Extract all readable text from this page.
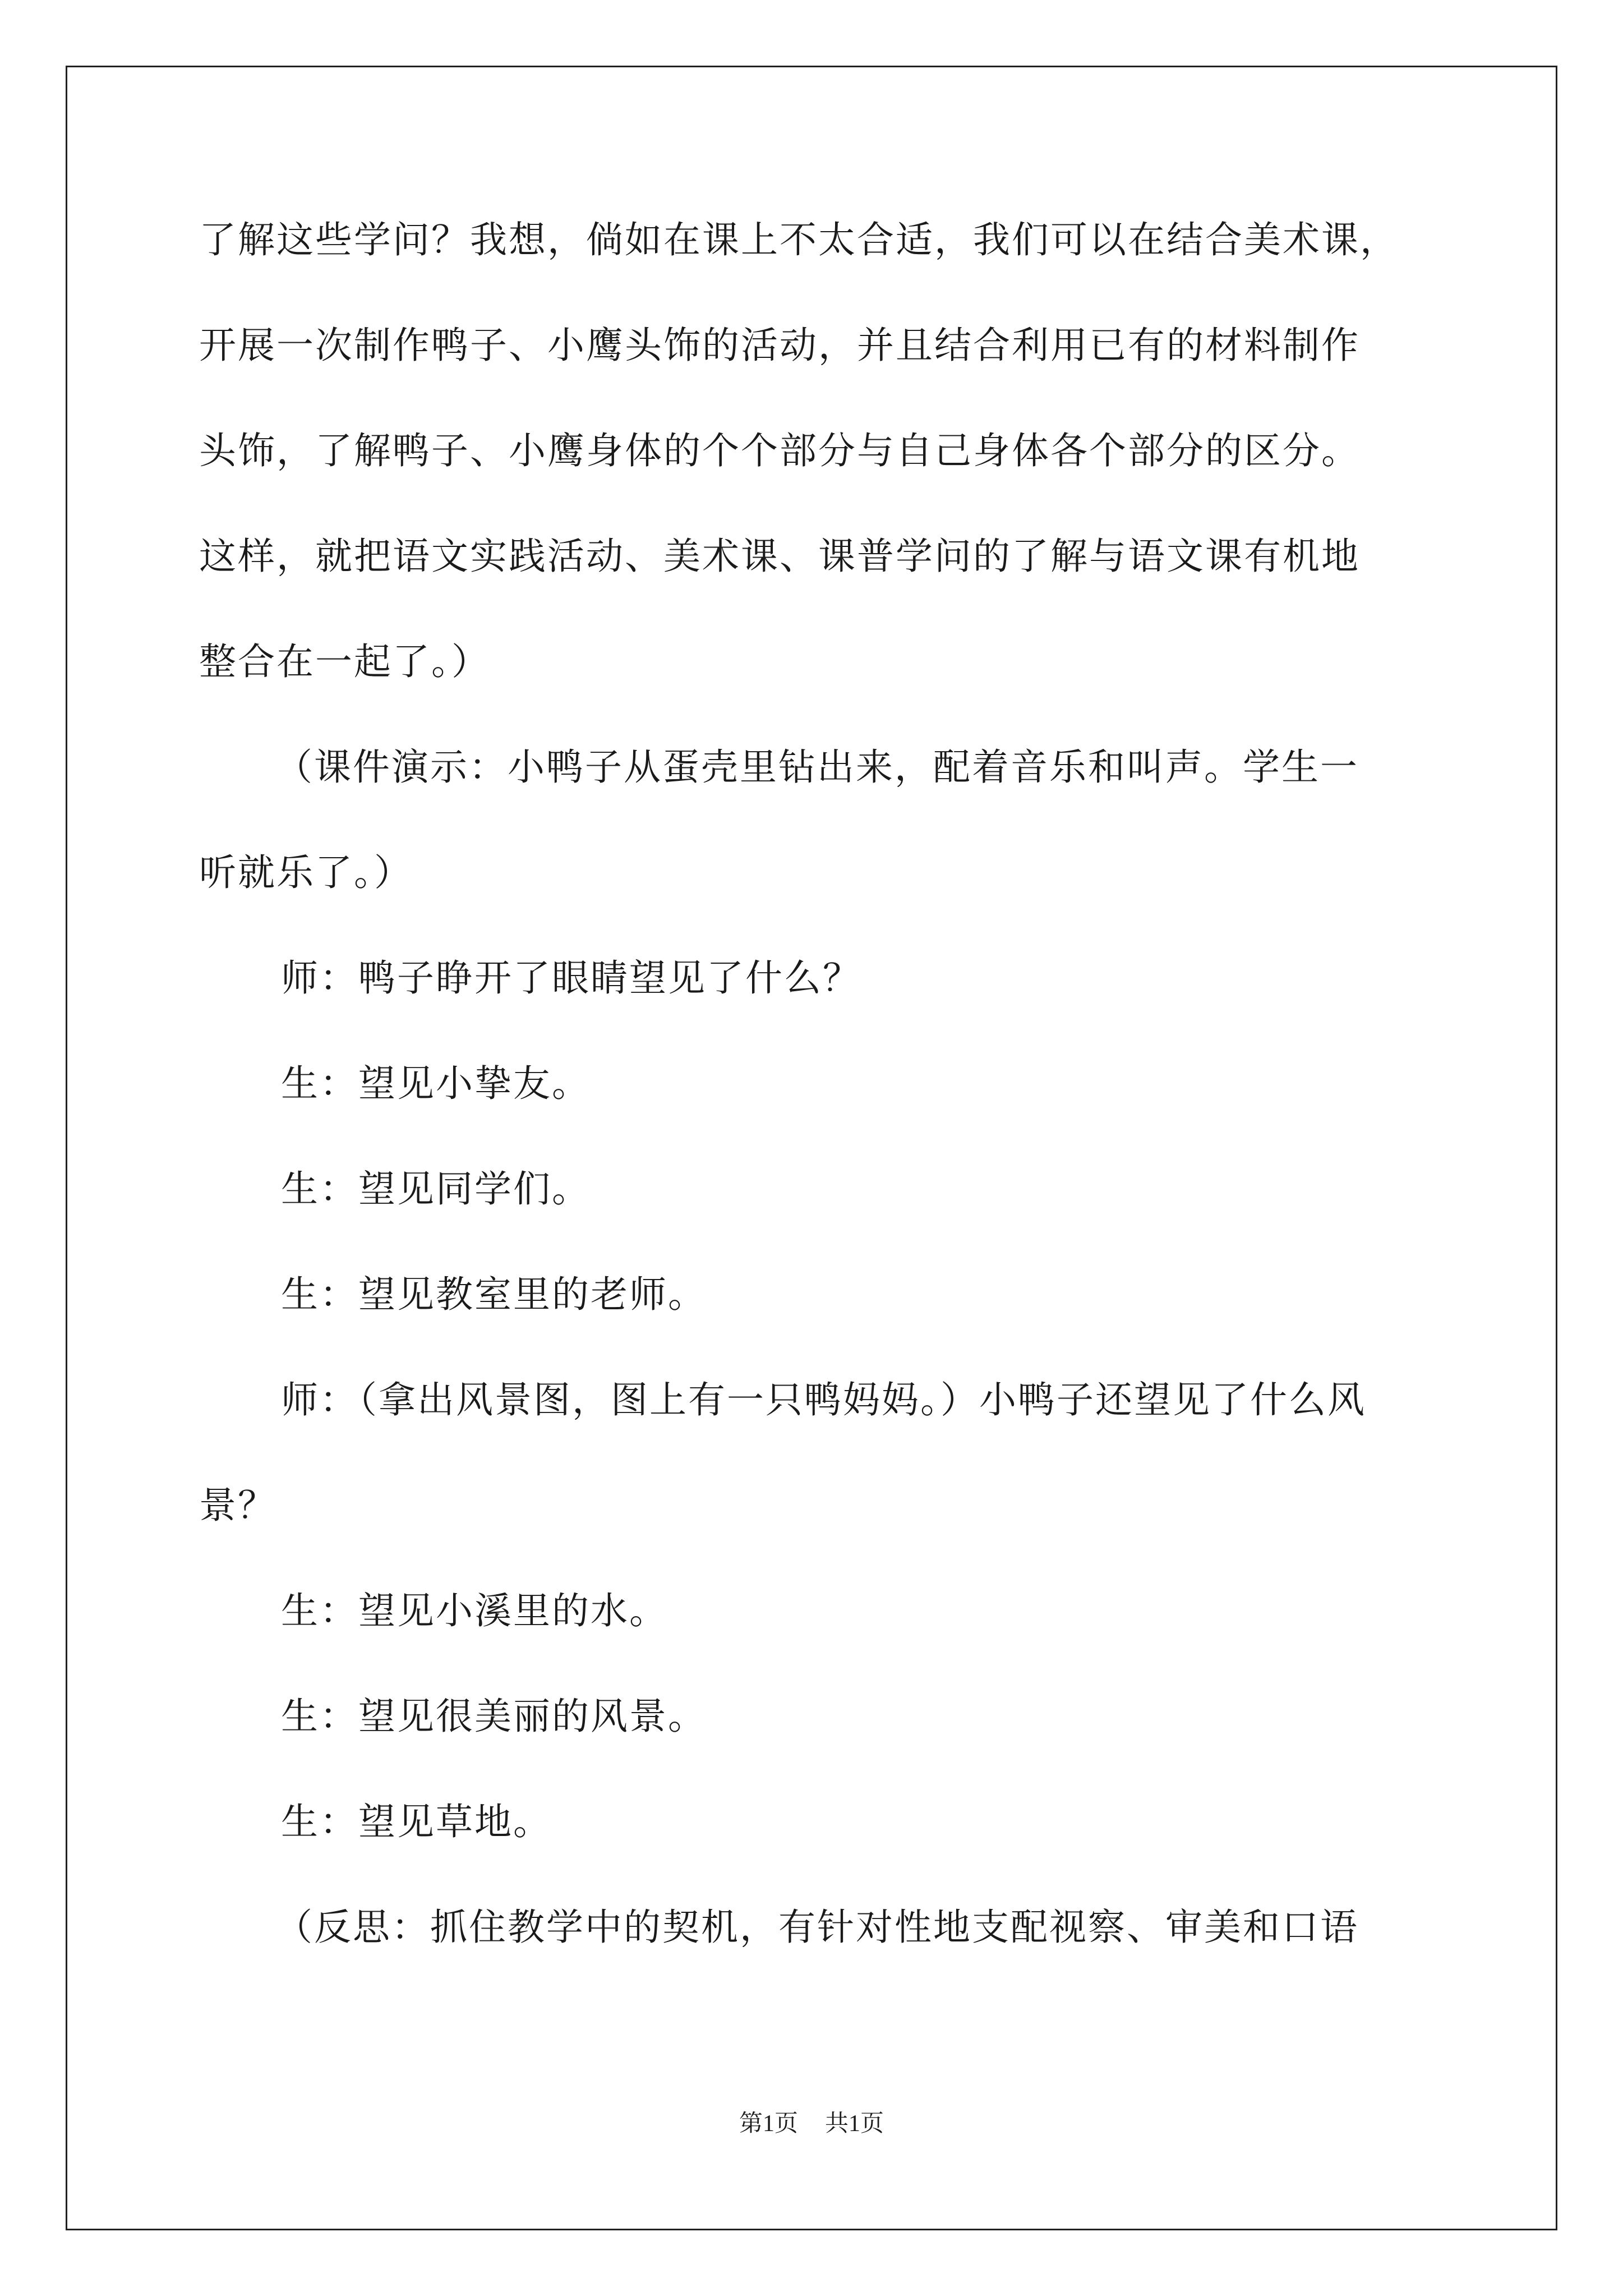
了解这些学问？我想，倘如在课上不太合适，我们可以在结合美术课，
开展一次制作鸭子、小鹰头饰的活动，并且结合利用已有的材料制作
头饰，了解鸭子、小鹰身体的个个部分与自己身体各个部分的区分。
这样，就把语文实践活动、美术课、课普学问的了解与语文课有机地
整合在一起了。）
（课件演示：小鸭子从蛋壳里钻出来，配着音乐和叫声。学生一
听就乐了。）
师：鸭子睁开了眼睛望见了什么？
生：望见小挚友。
生：望见同学们。
生：望见教室里的老师。
师：（拿出风景图，图上有一只鸭妈妈。）小鸭子还望见了什么风
景？
生：望见小溪里的水。
生：望见很美丽的风景。
生：望见草地。
（反思：抓住教学中的契机，有针对性地支配视察、审美和口语
第1页 共1页
